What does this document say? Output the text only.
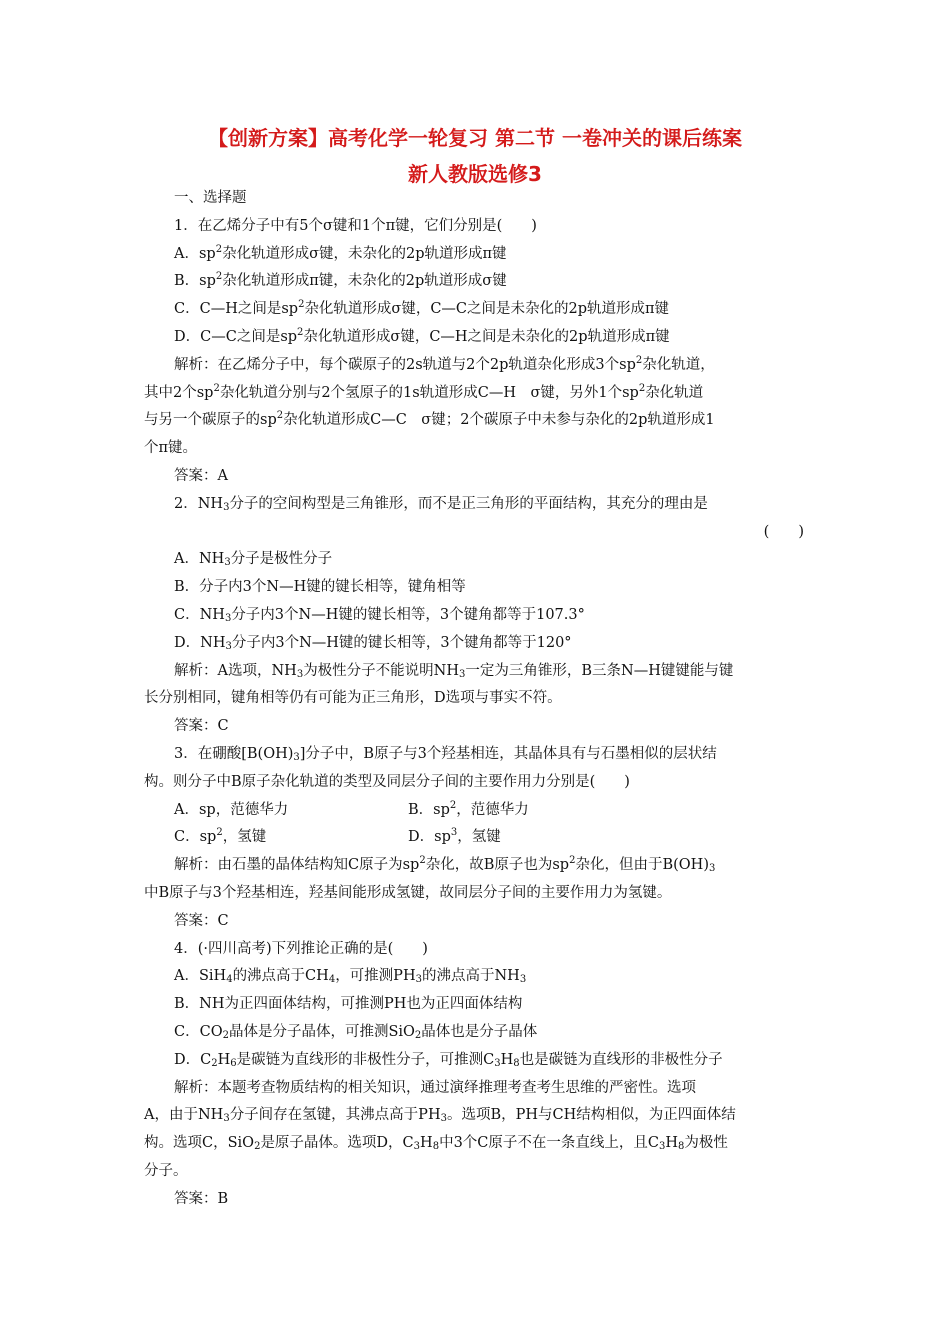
【创新方案】高考化学一轮复习 第二节 一卷冲关的课后练案
新人教版选修3
一、选择题
1．在乙烯分子中有5个σ键和1个π键，它们分别是(　　)
A．$sp^2$杂化轨道形成σ键，未杂化的2p轨道形成π键
B．$sp^2$杂化轨道形成π键，未杂化的2p轨道形成σ键
C．C—H之间是$sp^2$杂化轨道形成σ键，C—C之间是未杂化的2p轨道形成π键
D．C—C之间是$sp^2$杂化轨道形成σ键，C—H之间是未杂化的2p轨道形成π键
解析：在乙烯分子中，每个碳原子的2s轨道与2个2p轨道杂化形成3个$sp^2$杂化轨道，
其中2个$sp^2$杂化轨道分别与2个氢原子的1s轨道形成C—H　σ键，另外1个$sp^2$杂化轨道
与另一个碳原子的$sp^2$杂化轨道形成C—C　σ键；2个碳原子中未参与杂化的2p轨道形成1
个π键。
答案：A
2．$NH_3$分子的空间构型是三角锥形，而不是正三角形的平面结构，其充分的理由是
(　　)
A．$NH_3$分子是极性分子
B．分子内3个N—H键的键长相等，键角相等
C．$NH_3$分子内3个N—H键的键长相等，3个键角都等于107.3°
D．$NH_3$分子内3个N—H键的键长相等，3个键角都等于120°
解析：A选项，$NH_3$为极性分子不能说明$NH_3$一定为三角锥形，B三条N—H键键能与键
长分别相同，键角相等仍有可能为正三角形，D选项与事实不符。
答案：C
3．在硼酸$[B(OH)_3]$分子中，B原子与3个羟基相连，其晶体具有与石墨相似的层状结
构。则分子中B原子杂化轨道的类型及同层分子间的主要作用力分别是(　　)
A．sp，范德华力	B．$sp^2$，范德华力
C．$sp^2$，氢键	D．$sp^3$，氢键
解析：由石墨的晶体结构知C原子为$sp^2$杂化，故B原子也为$sp^2$杂化，但由于$B(OH)_3$
中B原子与3个羟基相连，羟基间能形成氢键，故同层分子间的主要作用力为氢键。
答案：C
4．(·四川高考)下列推论正确的是(　　)
A．SiH$_4$的沸点高于$CH_4$，可推测$PH_3$的沸点高于$NH_3$
B．NH为正四面体结构，可推测PH也为正四面体结构
C．$CO_2$晶体是分子晶体，可推测SiO$_2$晶体也是分子晶体
D．$C_2H_6$是碳链为直线形的非极性分子，可推测$C_3H_8$也是碳链为直线形的非极性分子
解析：本题考查物质结构的相关知识，通过演绎推理考查考生思维的严密性。选项
A，由于$NH_3$分子间存在氢键，其沸点高于$PH_3$。选项B，PH与CH结构相似，为正四面体结
构。选项C，SiO$_2$是原子晶体。选项D，$C_3H_8$中3个C原子不在一条直线上，且$C_3H_8$为极性
分子。
答案：B
